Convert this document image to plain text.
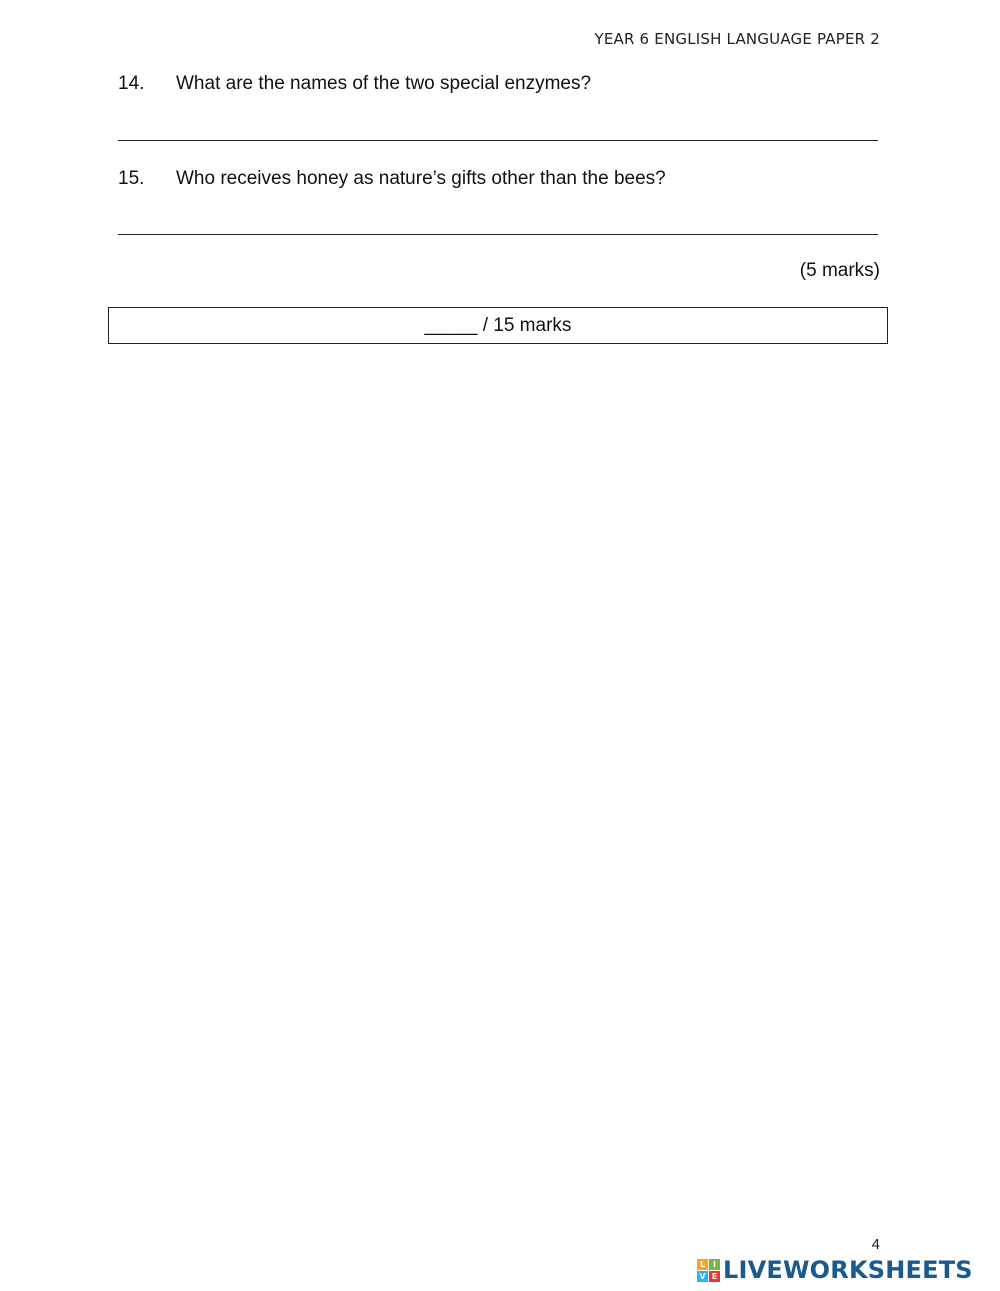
YEAR 6 ENGLISH LANGUAGE PAPER 2
14. What are the names of the two special enzymes?
15. Who receives honey as nature’s gifts other than the bees?
(5 marks)
_____ / 15 marks
4
L I
V E LIVEWORKSHEETS
